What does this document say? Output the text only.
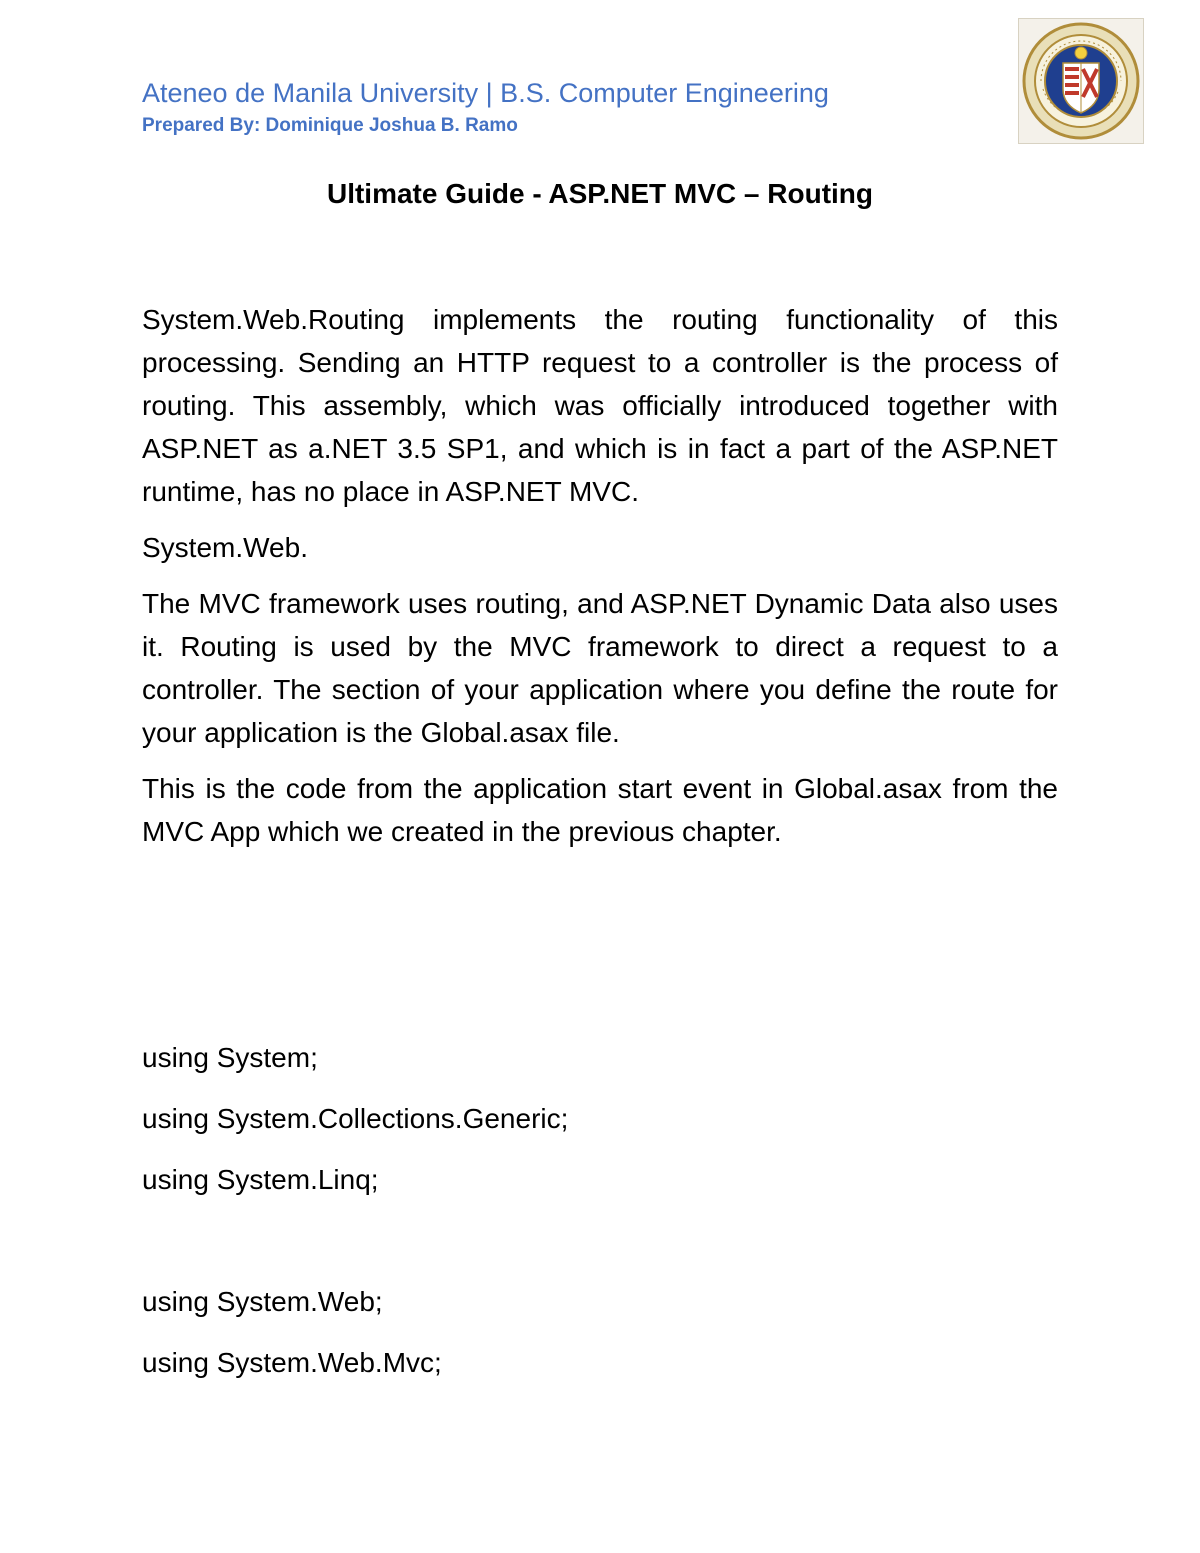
Ateneo de Manila University | B.S. Computer Engineering
Prepared By: Dominique Joshua B. Ramo
Ultimate Guide - ASP.NET MVC – Routing

System.Web.Routing implements the routing functionality of this processing. Sending an HTTP request to a controller is the process of routing. This assembly, which was officially introduced together with ASP.NET as a.NET 3.5 SP1, and which is in fact a part of the ASP.NET runtime, has no place in ASP.NET MVC.

System.Web.

The MVC framework uses routing, and ASP.NET Dynamic Data also uses it. Routing is used by the MVC framework to direct a request to a controller. The section of your application where you define the route for your application is the Global.asax file.

This is the code from the application start event in Global.asax from the MVC App which we created in the previous chapter.

using System;
using System.Collections.Generic;
using System.Linq;
using System.Web;
using System.Web.Mvc;
